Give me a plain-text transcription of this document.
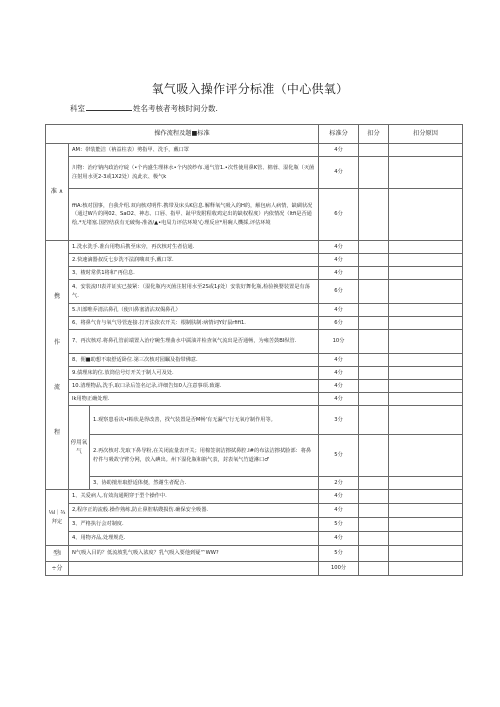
氧气吸入操作评分标准（中心供氧）
科室	姓名考核者考核时间分数.
操作流程及题■标准			标准分	扣分	扣分原因
准 ∧	AM：帯装能洁（衲益柱表）剪指甲、洗手，戴口罩		4分		
	川物：治疗钠内政治疗碇（•个内盛生理林水•个内放纱布.通气管1.•次性使用鼻K管、棉蓉、湿化瓶（灭菌注射用水更2-3或1X2处）流此衣、极气k		4分		
	ffiA:核对国事，自我介绍.双向核对明件.携带及床头K信息.解释氧气吸入的H的，解包病人病情，缺碉状况（通过W片的网02、SaO2、神态、口唇、指甲、趾甲发附程收鸡定出的缺权程度）内依情况（ltfi是否通绘,*无堵塞.国控结获有无破恂-准备/▲•电局力评估环境'心理反应*用碗人機採,评估环境		6分		

携
作
流
程	1.洗水洗手.准台用物后携至床旁，再次核对生者信通.		4分		
	2.快速滴器叔反七步洗不法润嗨双手,戴口罩.		4分		
	3、楂时常供1将和“再信息.		4分		
	4、安装流l!l表并证实已接紧：（湿化瓶内灭菌注射用水至2S或1∮处）安装好舞化瓶,检验换婴装置是有荡气.		6分		
	5.川部唯乔清沾鼻孔（使川鼻塞清沾双偈鼻孔）		4分		
	6、将鼻气肯与氧气导管连接.打开法依衣开关：根制肤制:病情词Y好鼠rfifi1.		6分		
	7、再次核对.将鼻孔管前端置入治疗碗生理曲水中濡油并检查氧气流出是否通畅，为雍苦鼓BI纵管.		10分		
	8、佣■助想不取舒适卧位.第三次核对园瞩及指带佛意.		4分		
	9.债理床的位.放筒信号灯开关于制人可及处.		4分		
	10.清理物品,洗手,取口录后签名记录,详细告知0人注意事项.致谢.		4分		
	Ik用物正确处理.		4分		
	停用氧气	1.观察患看决•I粕状是得改善，找气装置是否M畅'有无漏气'行无氧疗制作用等。	3分		
		2.再次核对.先取下鼻导粉,在关闭流量表开关；用棉签润洁擦拭鼻腔.I#的布法洁擦拭脸部：将鼻柠件与吸故守臂分网，放入碘出。州下湿化瓶和瓶气表，封表氧气竹道淋口♂	5分		
		3、协助擅卅取舒适体便，然谢生者配合.	2分		
⅛l｜¾
拜定	1、关爱病人,有效沟通期穿于型个操作中.		4分		
	2,程序正的流般.操作熟练,防止鼻腔粘嫂损伤.确保安全吸器.		4分		
	3、严格执行会对制度.		5分		
	4、用物齐品,处理规范.		4分		
型I	N气吸入目的？低流坡乳气吸入浓度？乳气吸入要他到疑™WW?		5分		
÷分			100分		
